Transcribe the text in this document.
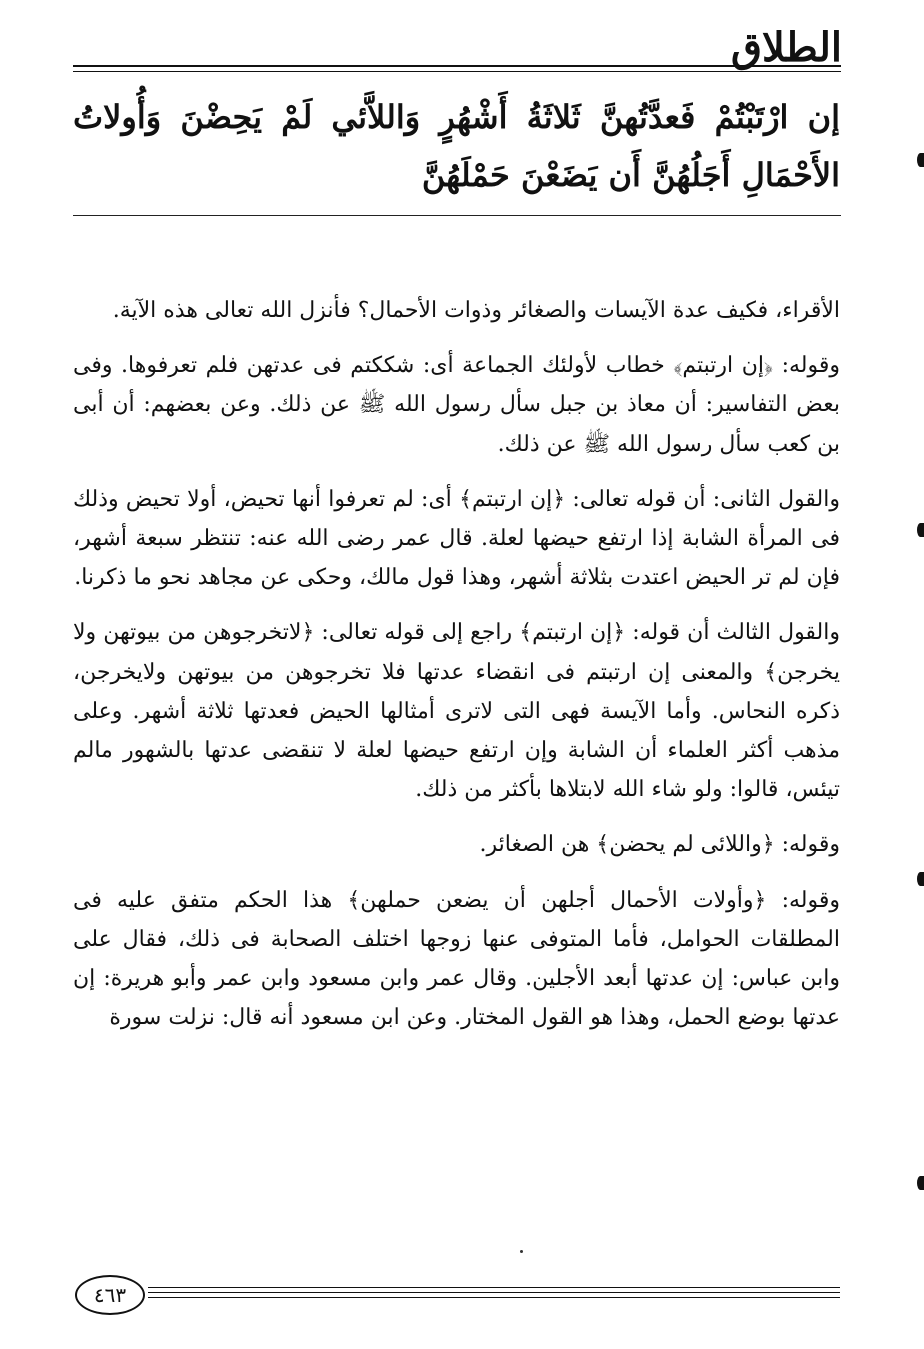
الطلاق
إن ارْتَبْتُمْ فَعدَّتُهنَّ ثَلاثَةُ أَشْهُرٍ وَاللاَّئي لَمْ يَحِضْنَ وَأُولاتُ الأَحْمَالِ أَجَلُهُنَّ أَن يَضَعْنَ حَمْلَهُنَّ

الأقراء، فكيف عدة الآيسات والصغائر وذوات الأحمال؟ فأنزل الله تعالى هذه الآية.

وقوله: ﴿إن ارتبتم﴾ خطاب لأولئك الجماعة أى: شككتم فى عدتهن فلم تعرفوها. وفى بعض التفاسير: أن معاذ بن جبل سأل رسول الله ﷺ عن ذلك. وعن بعضهم: أن أبى بن كعب سأل رسول الله ﷺ عن ذلك.

والقول الثانى: أن قوله تعالى: ﴿إن ارتبتم﴾ أى: لم تعرفوا أنها تحيض، أولا تحيض وذلك فى المرأة الشابة إذا ارتفع حيضها لعلة. قال عمر رضى الله عنه: تنتظر سبعة أشهر، فإن لم تر الحيض اعتدت بثلاثة أشهر، وهذا قول مالك، وحكى عن مجاهد نحو ما ذكرنا.

والقول الثالث أن قوله: ﴿إن ارتبتم﴾ راجع إلى قوله تعالى: ﴿لاتخرجوهن من بيوتهن ولا يخرجن﴾ والمعنى إن ارتبتم فى انقضاء عدتها فلا تخرجوهن من بيوتهن ولايخرجن، ذكره النحاس. وأما الآيسة فهى التى لاترى أمثالها الحيض فعدتها ثلاثة أشهر. وعلى مذهب أكثر العلماء أن الشابة وإن ارتفع حيضها لعلة لا تنقضى عدتها بالشهور مالم تيئس، قالوا: ولو شاء الله لابتلاها بأكثر من ذلك.

وقوله: ﴿واللائى لم يحضن﴾ هن الصغائر.

وقوله: ﴿وأولات الأحمال أجلهن أن يضعن حملهن﴾ هذا الحكم متفق عليه فى المطلقات الحوامل، فأما المتوفى عنها زوجها اختلف الصحابة فى ذلك، فقال على وابن عباس: إن عدتها أبعد الأجلين. وقال عمر وابن مسعود وابن عمر وأبو هريرة: إن عدتها بوضع الحمل، وهذا هو القول المختار. وعن ابن مسعود أنه قال: نزلت سورة

٤٦٣
